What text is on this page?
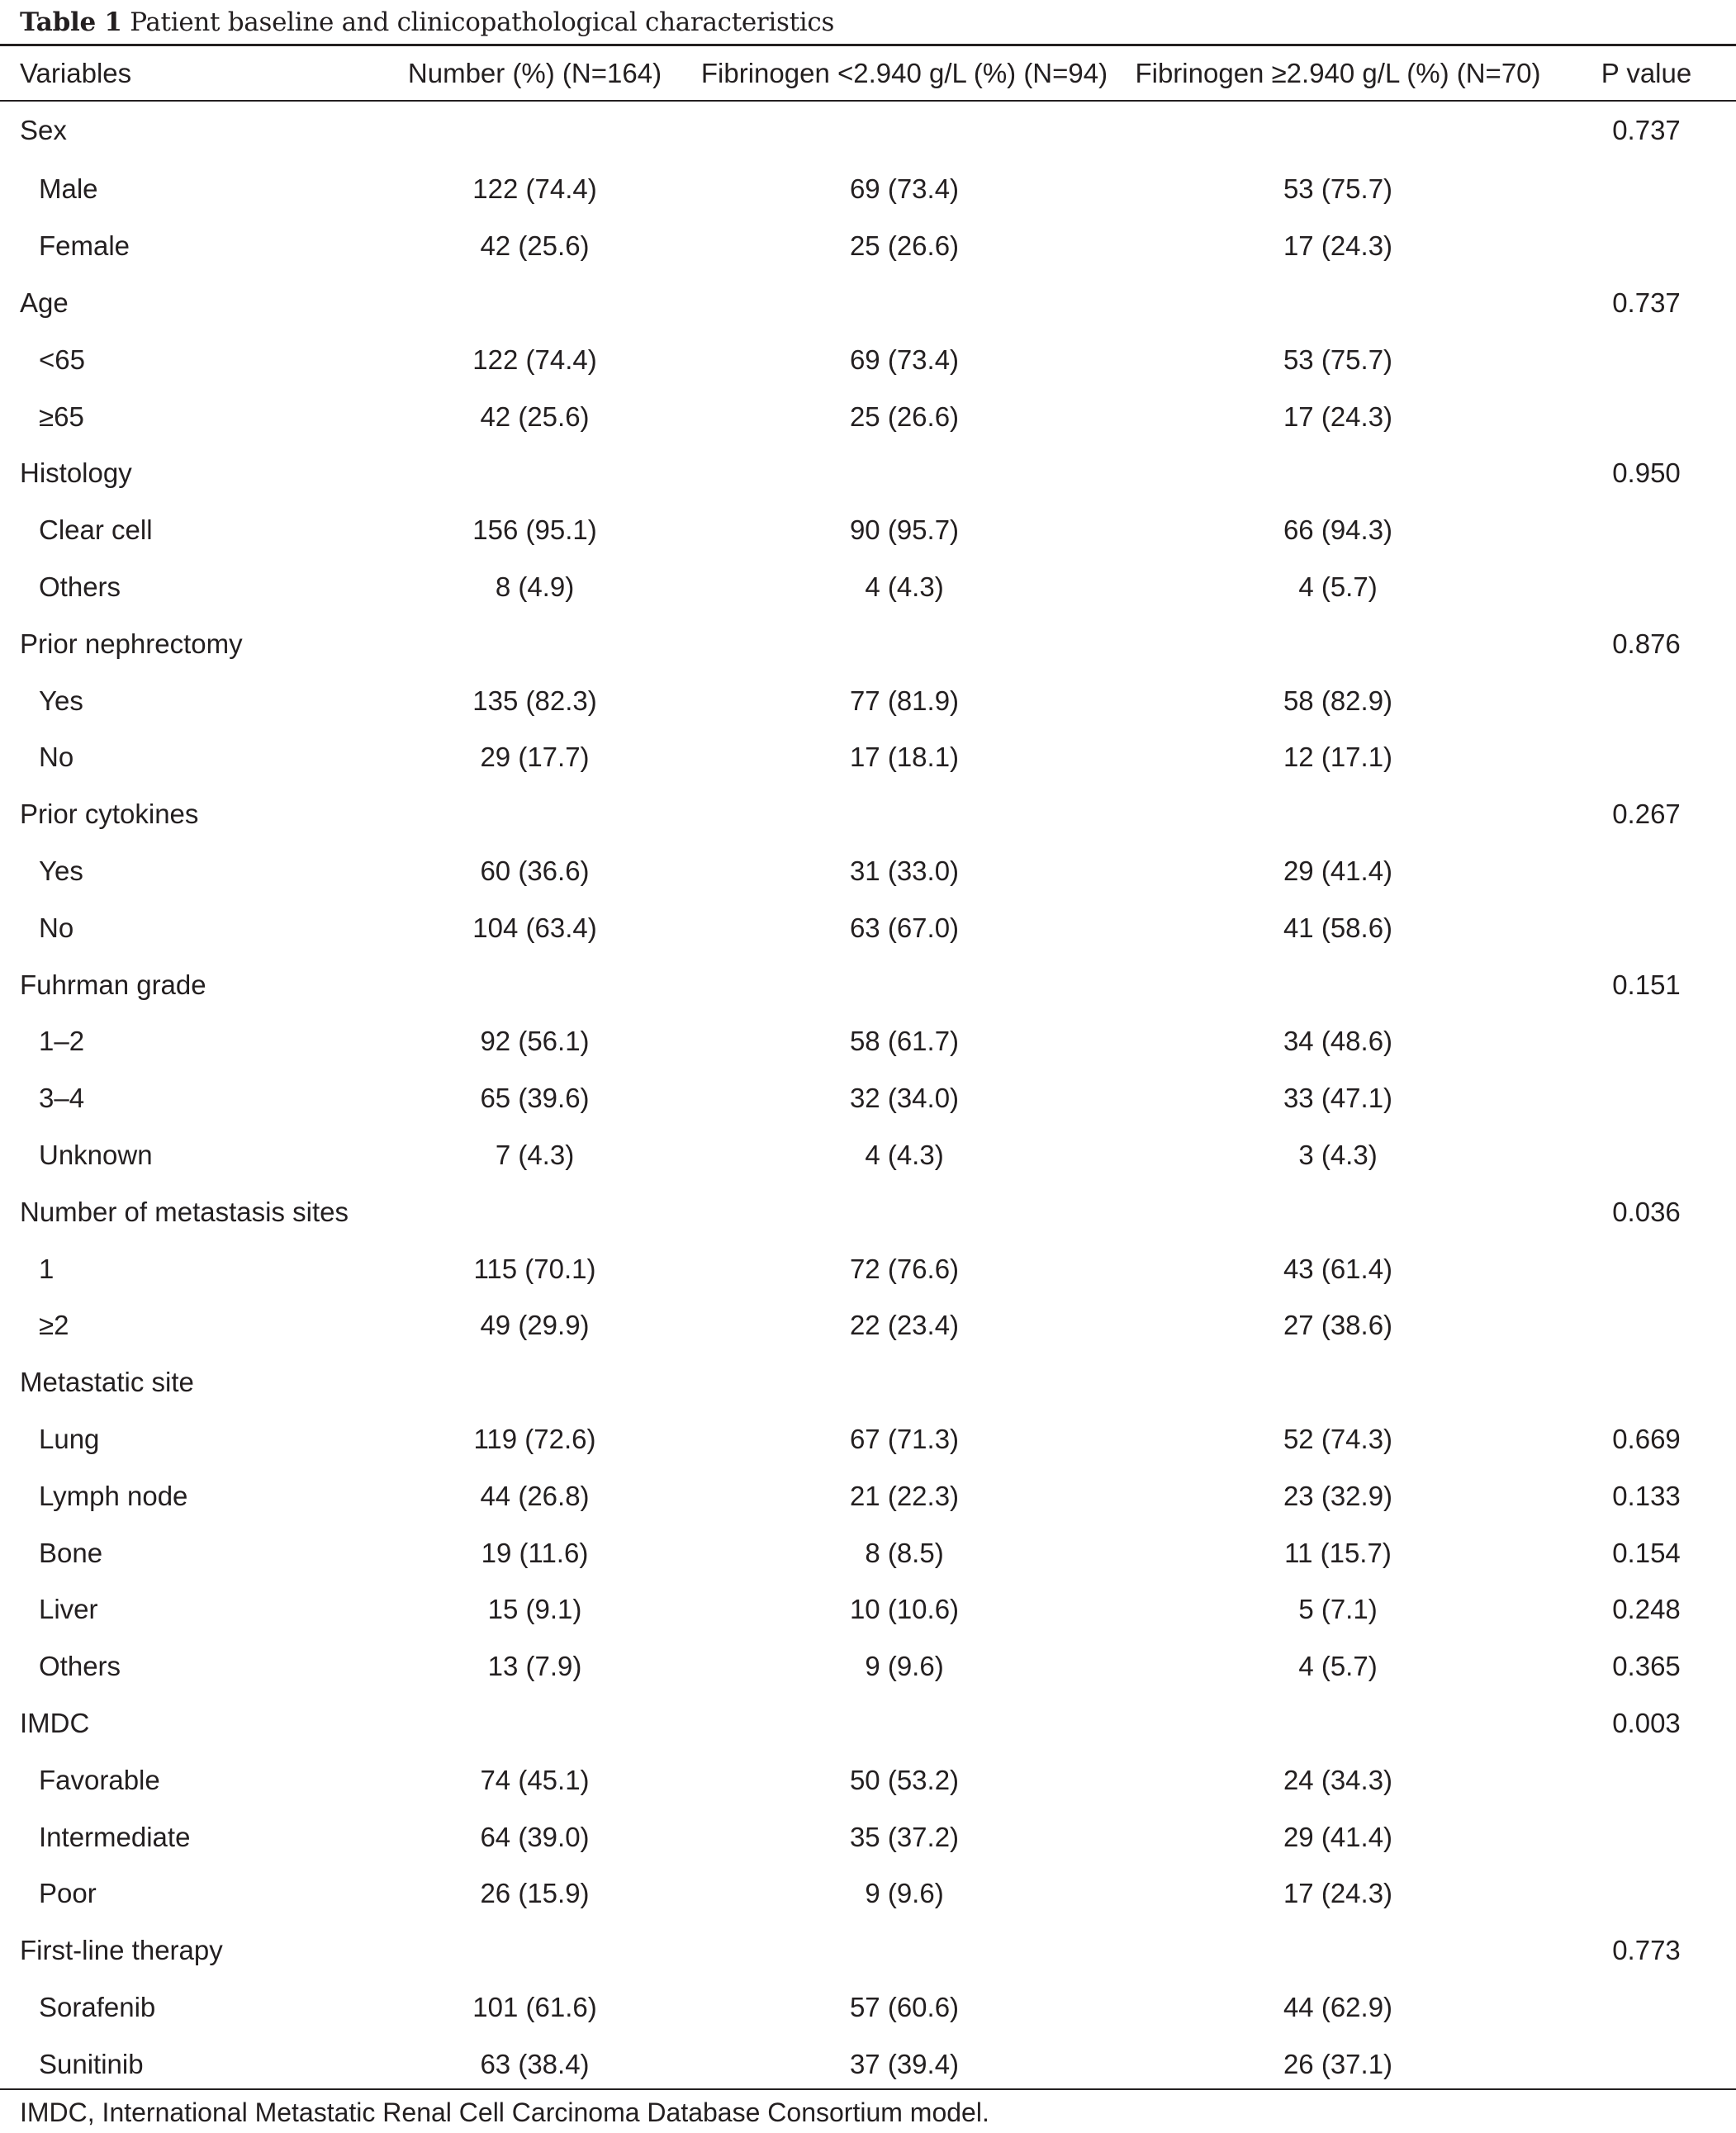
Table 1 Patient baseline and clinicopathological characteristics
Variables	Number (%) (N=164)	Fibrinogen <2.940 g/L (%) (N=94)	Fibrinogen ≥2.940 g/L (%) (N=70)	P value
Sex				0.737
Male	122 (74.4)	69 (73.4)	53 (75.7)	
Female	42 (25.6)	25 (26.6)	17 (24.3)	
Age				0.737
<65	122 (74.4)	69 (73.4)	53 (75.7)	
≥65	42 (25.6)	25 (26.6)	17 (24.3)	
Histology				0.950
Clear cell	156 (95.1)	90 (95.7)	66 (94.3)	
Others	8 (4.9)	4 (4.3)	4 (5.7)	
Prior nephrectomy				0.876
Yes	135 (82.3)	77 (81.9)	58 (82.9)	
No	29 (17.7)	17 (18.1)	12 (17.1)	
Prior cytokines				0.267
Yes	60 (36.6)	31 (33.0)	29 (41.4)	
No	104 (63.4)	63 (67.0)	41 (58.6)	
Fuhrman grade				0.151
1–2	92 (56.1)	58 (61.7)	34 (48.6)	
3–4	65 (39.6)	32 (34.0)	33 (47.1)	
Unknown	7 (4.3)	4 (4.3)	3 (4.3)	
Number of metastasis sites				0.036
1	115 (70.1)	72 (76.6)	43 (61.4)	
≥2	49 (29.9)	22 (23.4)	27 (38.6)	
Metastatic site				
Lung	119 (72.6)	67 (71.3)	52 (74.3)	0.669
Lymph node	44 (26.8)	21 (22.3)	23 (32.9)	0.133
Bone	19 (11.6)	8 (8.5)	11 (15.7)	0.154
Liver	15 (9.1)	10 (10.6)	5 (7.1)	0.248
Others	13 (7.9)	9 (9.6)	4 (5.7)	0.365
IMDC				0.003
Favorable	74 (45.1)	50 (53.2)	24 (34.3)	
Intermediate	64 (39.0)	35 (37.2)	29 (41.4)	
Poor	26 (15.9)	9 (9.6)	17 (24.3)	
First-line therapy				0.773
Sorafenib	101 (61.6)	57 (60.6)	44 (62.9)	
Sunitinib	63 (38.4)	37 (39.4)	26 (37.1)	
IMDC, International Metastatic Renal Cell Carcinoma Database Consortium model.
